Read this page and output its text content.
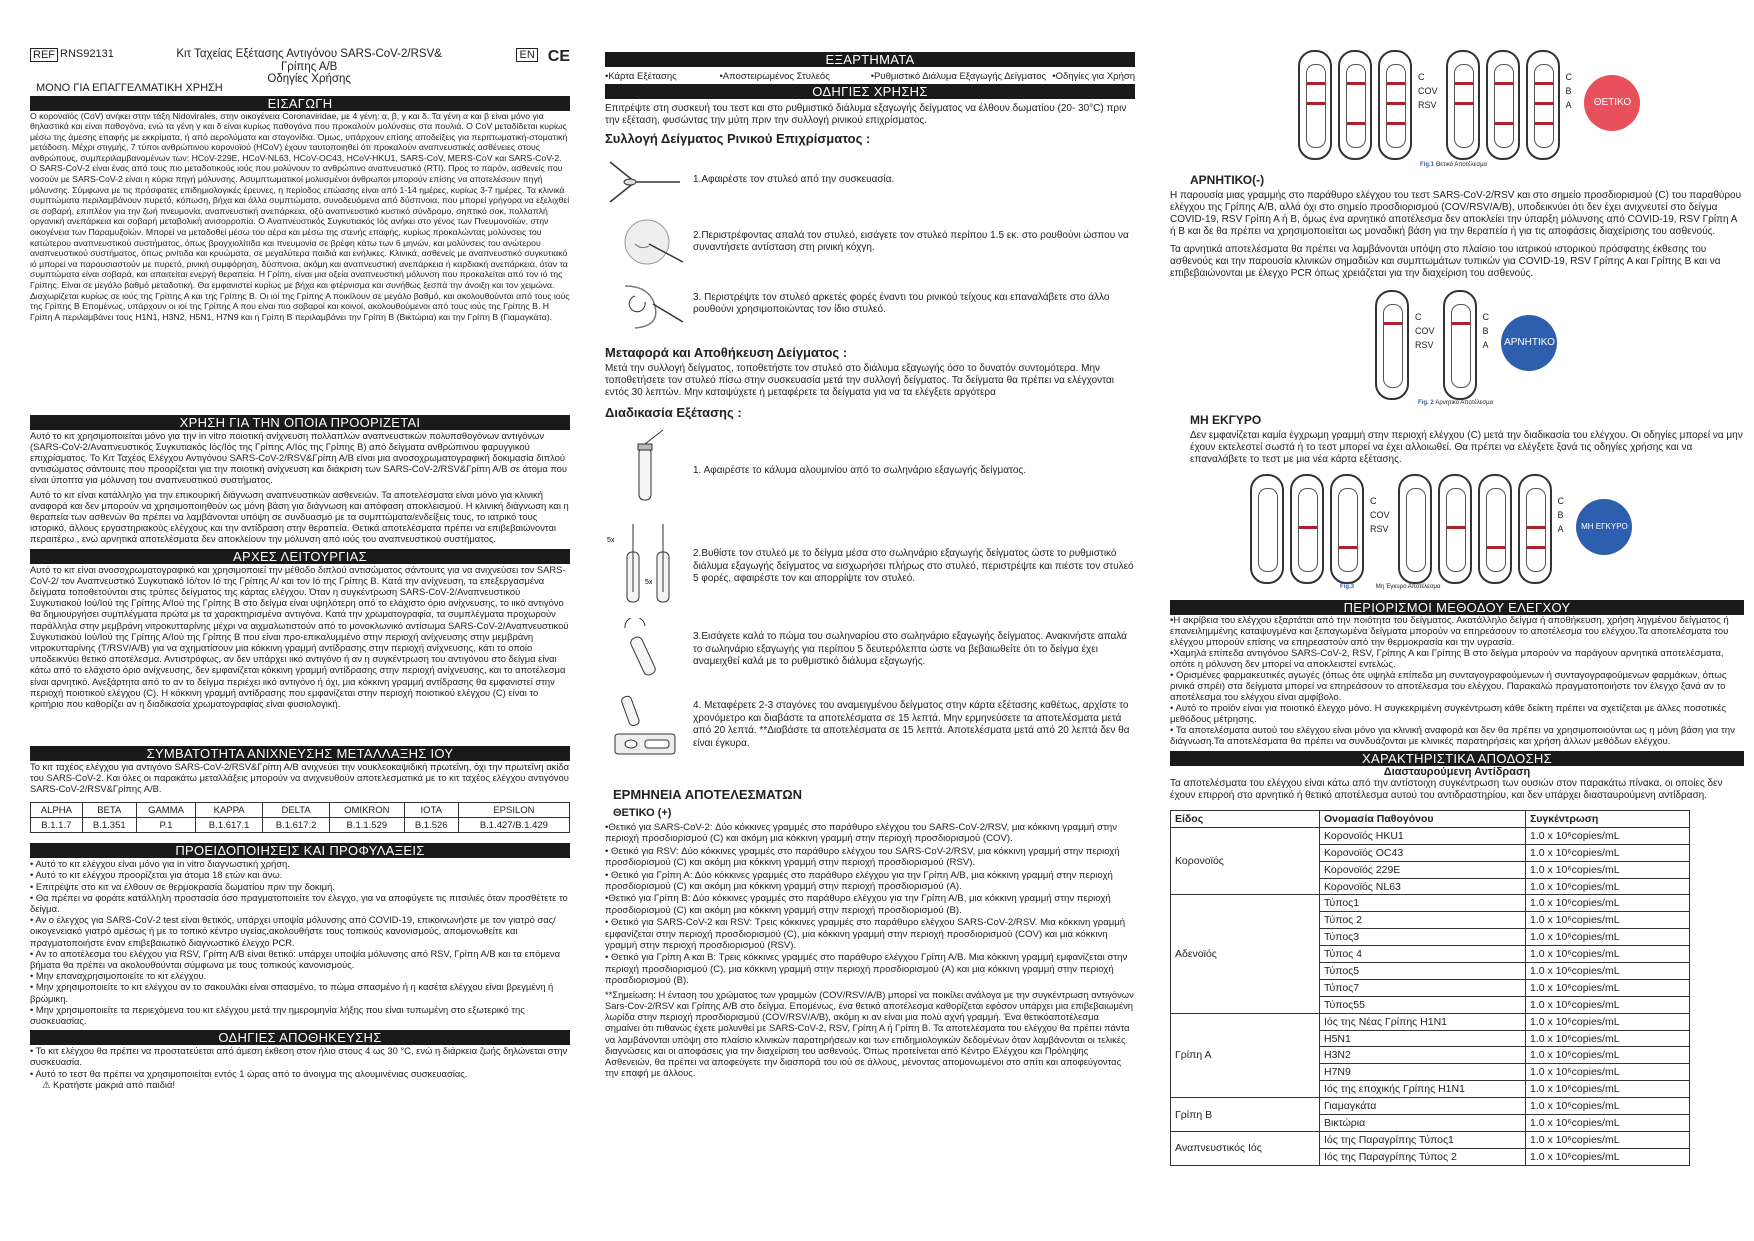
REF RNS92131	Κιτ Ταχείας Εξέτασης Αντιγόνου SARS-CoV-2/RSV&
Γρίπης Α/Β
Οδηγίες Χρήσης
EN CE
ΜΟΝΟ ΓΙΑ ΕΠΑΓΓΕΛΜΑΤΙΚΗ ΧΡΗΣΗ
ΕΙΣΑΓΩΓΗ

Ο κοροναϊός (CoV) ανήκει στην τάξη Nidovirales, στην οικογένεια Coronaviridae, με 4 γένη: α, β, γ και δ. Τα γένη α και β είναι μόνο για θηλαστικά και είναι παθογόνα, ενώ τα γένη γ και δ είναι κυρίως παθογόνα που προκαλούν μολύνσεις στα πουλιά. Ο CoV μεταδίδεται κυρίως μέσω της άμεσης επαφής με εκκρίματα, ή από αερολύματα και σταγονίδια. Όμως, υπάρχουν επίσης αποδείξεις για περιττωματική-στοματική μετάδοση. Μέχρι στιγμής, 7 τύποι ανθρώπινου κορονοϊού (HCoV) έχουν ταυτοποιηθεί ότι προκαλούν αναπνευστικές ασθένειες στους ανθρώπους, συμπεριλαμβανομένων των: HCoV-229E, HCoV-NL63, HCoV-OC43, HCoV-HKU1, SARS-CoV, MERS-CoV και SARS-CoV-2. Ο SARS-CoV-2 είναι ένας από τους πιο μεταδοτικούς ιούς που μολύνουν το ανθρώπινο αναπνευστικό (RTI). Προς το παρόν, ασθενείς που νοσούν με SARS-CoV-2 είναι η κύρια πηγή μόλυνσης. Ασυμπτωματικοί μολυσμένοι άνθρωποι μπορούν επίσης να αποτελέσουν πηγή μόλυνσης. Σύμφωνα με τις πρόσφατες επιδημιολογικές έρευνες, η περίοδος επώασης είναι από 1-14 ημέρες, κυρίως 3-7 ημέρες. Τα κλινικά συμπτώματα περιλαμβάνουν πυρετό, κόπωση, βήχα και άλλα συμπτώματα, συνοδευόμενα από δύσπνοια, που μπορεί γρήγορα να εξελιχθεί σε σοβαρή, επιπλέον για την ζωή πνευμονία, αναπνευστική ανεπάρκεια, οξύ αναπνευστικό κυστικό σύνδρομο, σηπτικό σοκ, πολλαπλή οργανική ανεπάρκεια και σοβαρή μεταβολική ανισορροπία. Ο Αναπνευστικός Συγκυτιακός Ιός ανήκει στο γένος των Πνευμονοϊών, στην οικογένεια των Παραμυξοϊών. Μπορεί να μεταδοθεί μέσω του αέρα και μέσω της στενής επαφής, κυρίως προκαλώντας μολύνσεις του κατώτερου αναπνευστικού συστήματος, όπως βρογχιολίτιδα και πνευμονία σε βρέφη κάτω των 6 μηνών, και μολύνσεις του ανώτερου αναπνευστικού συστήματος, όπως ρινίτιδα και κρυώματα, σε μεγαλύτερα παιδιά και ενήλικες. Κλινικά, ασθενείς με αναπνευστικό συγκυτιακό ιό μπορεί να παρουσιαστούν με πυρετό, ρινική συμφόρηση, δύσπνοια, ακόμη και αναπνευστική ανεπάρκεια ή καρδιακή ανεπάρκεια, όταν τα συμπτώματα είναι σοβαρά, και απαιτείται ενεργή θεραπεία. Η Γρίπη, είναι μια οξεία αναπνευστική μόλυνση που προκαλείται από τον ιό της Γρίπης. Είναι σε μεγάλο βαθμό μεταδοτική. Θα εμφανιστεί κυρίως με βήχα και φτέρνισμα και συνήθως ξεσπά την άνοιξη και τον χειμώνα. Διαχωρίζεται κυρίως σε ιούς της Γρίπης Α και της Γρίπης Β. Οι ιοί της Γρίπης Α ποικίλουν σε μεγάλο βαθμό, και ακολουθούνται από τους ιούς της Γρίπης Β Επομένως, υπάρχουν οι ιοί της Γρίπης Α που είναι πιο σοβαροί και κοινοί, ακολουθούμενοι από τους ιούς της Γρίπης Β. Η Γρίπη Α περιλαμβάνει τους H1N1, H3N2, H5N1, H7N9 και η Γρίπη Β περιλαμβάνει την Γρίπη Β (Βικτώρια) και την Γρίπη Β (Γιαμαγκάτα).

ΧΡΗΣΗ ΓΙΑ ΤΗΝ ΟΠΟΙΑ ΠΡΟΟΡΙΖΕΤΑΙ

Αυτό το κιτ χρησιμοποιείται μόνο για την in vitro ποιοτική ανίχνευση πολλαπλών αναπνευστικών πολυπαθογόνων αντιγόνων (SARS-CoV-2/Αναπνευστικός Συγκυτιακός Ιός/Ιός της Γρίπης Α/Ιός της Γρίπης Β) από δείγματα ανθρώπινου φαρυγγικού επιχρίσματος. Το Κιτ Ταχέος Ελέγχου Αντιγόνου SARS-CoV-2/RSV&Γρίπη Α/Β είναι μια ανοσοχρωματογραφική δοκιμασία διπλού αντισώματος σάντουιτς που προορίζεται για την ποιοτική ανίχνευση και διάκριση των SARS-CoV-2/RSV&Γρίπη Α/Β σε άτομα που είναι ύποπτα για μόλυνση του αναπνευστικού συστήματος.

Αυτό το κιτ είναι κατάλληλο για την επικουρική διάγνωση αναπνευστικών ασθενειών. Τα αποτελέσματα είναι μόνο για κλινική αναφορά και δεν μπορούν να χρησιμοποιηθούν ως μόνη βάση για διάγνωση και απόφαση αποκλεισμού. Η κλινική διάγνωση και η θεραπεία των ασθενών θα πρέπει να λαμβάνονται υπόψη σε συνδυασμό με τα συμπτώματα/ενδείξεις τους, το ιατρικό τους ιστορικό, άλλους εργαστηριακούς ελέγχους και την αντίδραση στην θεραπεία. Θετικά αποτελέσματα πρέπει να επιβεβαιώνονται περαιτέρω , ενώ αρνητικά αποτελέσματα δεν αποκλείουν την μόλυνση από ιούς του αναπνευστικού συστήματος.

ΑΡΧΕΣ ΛΕΙΤΟΥΡΓΙΑΣ

Αυτό το κιτ είναι ανοσοχρωματογραφικό και χρησιμοποιεί την μέθοδο διπλού αντισώματος σάντουιτς για να ανιχνεύσει τον SARS-CoV-2/ τον Αναπνευστικό Συγκυτιακό Ιό/τον Ιό της Γρίπης Α/ και τον Ιό της Γρίπης Β. Κατά την ανίχνευση, τα επεξεργασμένα δείγματα τοποθετούνται στις τρύπες δείγματος της κάρτας ελέγχου. Όταν η συγκέντρωση SARS-CoV-2/Αναπνευστικού Συγκυτιακού Ιού/Ιού της Γρίπης Α/Ιού της Γρίπης Β στο δείγμα είναι υψηλότερη από το ελάχιστο όριο ανίχνευσης, το ιικό αντιγόνο θα δημιουργήσει συμπλέγματα πρώτα με τα χαρακτηρισμένα αντιγόνα. Κατά την χρωματογραφία, τα συμπλέγματα προχωρούν παράλληλα στην μεμβράνη νιτροκυτταρίνης μέχρι να αιχμαλωτιστούν από το μονοκλωνικό αντίσωμα SARS-CoV-2/Αναπνευστικού Συγκυτιακού Ιού/Ιού της Γρίπης Α/Ιού της Γρίπης Β που είναι προ-επικαλυμμένο στην περιοχή ανίχνευσης στην μεμβράνη νιτροκυτταρίνης (T/RSV/A/B) για να σχηματίσουν μια κόκκινη γραμμή αντίδρασης στην περιοχή ανίχνευσης, κάτι το οποίο υποδεικνύει θετικό αποτέλεσμα. Αντιστρόφως, αν δεν υπάρχει ιικό αντιγόνο ή αν η συγκέντρωση του αντιγόνου στο δείγμα είναι κάτω από το ελάχιστο όριο ανίχνευσης, δεν εμφανίζεται κόκκινη γραμμή αντίδρασης στην περιοχή ανίχνευσης, και το αποτέλεσμα είναι αρνητικό. Ανεξάρτητα από το αν το δείγμα περιέχει ιικό αντιγόνο ή όχι, μια κόκκινη γραμμή αντίδρασης θα εμφανιστεί στην περιοχή ποιοτικού ελέγχου (C). Η κόκκινη γραμμή αντίδρασης που εμφανίζεται στην περιοχή ποιοτικού ελέγχου (C) είναι το κριτήριο που καθορίζει αν η διαδικασία χρωματογραφίας είναι φυσιολογική.

ΣΥΜΒΑΤΟΤΗΤΑ ΑΝΙΧΝΕΥΣΗΣ ΜΕΤΑΛΛΑΞΗΣ ΙΟΥ

Το κιτ ταχέος ελέγχου για αντιγόνο SARS-CoV-2/RSV&Γρίπη Α/Β ανιχνεύει την νουκλεοκαψιδική πρωτεΐνη, όχι την πρωτεΐνη ακίδα του SARS-CoV-2. Και όλες οι παρακάτω μεταλλάξεις μπορούν να ανιχνευθούν αποτελεσματικά με το κιτ ταχέος ελέγχου αντιγόνου SARS-CoV-2/RSV&Γρίπης Α/Β.

ALPHA	BETA	GAMMA	KAPPA	DELTA	OMIKRON	IOTA	EPSILON
B.1.1.7	B.1.351	P.1	B.1.617.1	B.1.617.2	B.1.1.529	B.1.526	B.1.427/B.1.429
ΠΡΟΕΙΔΟΠΟΙΗΣΕΙΣ ΚΑΙ ΠΡΟΦΥΛΑΞΕΙΣ

• Αυτό το κιτ ελέγχου είναι μόνο για in vitro διαγνωστική χρήση.

• Αυτό το κιτ ελέγχου προορίζεται για άτομα 18 ετών και άνω.

• Επιτρέψτε στο κιτ να έλθουν σε θερμοκρασία δωματίου πριν την δοκιμή.

• Θα πρέπει να φοράτε κατάλληλη προστασία όσο πραγματοποιείτε τον έλεγχο, για να αποφύγετε τις πιτσιλιές όταν προσθέτετε το δείγμα.

• Αν ο έλεγχος για SARS-CoV-2 test είναι θετικός, υπάρχει υποψία μόλυνσης από COVID-19, επικοινωνήστε με τον γιατρό σας/οικογενειακό γιατρό αμέσως ή με το τοπικό κέντρο υγείας,ακολουθήστε τους τοπικούς κανονισμούς, απομονωθείτε και πραγματοποιήστε έναν επιβεβαιωτικό διαγνωστικό έλεγχο PCR.

• Αν το αποτέλεσμα του ελέγχου για RSV, Γρίπη Α/Β είναι θετικό: υπάρχει υποψία μόλυνσης από RSV, Γρίπη Α/Β και τα επόμενα βήματα θα πρέπει να ακολουθούνται σύμφωνα με τους τοπικούς κανονισμούς.

• Μην επαναχρησιμοποιείτε το κιτ ελέγχου.

• Μην χρησιμοποιείτε το κιτ ελέγχου αν το σακουλάκι είναι σπασμένο, το πώμα σπασμένο ή η κασέτα ελέγχου είναι βρεγμένη ή βρώμικη.

• Μην χρησιμοποιείτε τα περιεχόμενα του κιτ ελέγχου μετά την ημερομηνία λήξης που είναι τυπωμένη στο εξωτερικό της συσκευασίας.

ΟΔΗΓΙΕΣ ΑΠΟΘΗΚΕΥΣΗΣ

• Το κιτ ελέγχου θα πρέπει να προστατεύεται από άμεση έκθεση στον ήλιο στους 4 ως 30 °C, ενώ η διάρκεια ζωής δηλώνεται στην συσκευασία.

• Αυτό το τεστ θα πρέπει να χρησιμοποιείται εντός 1 ώρας από το άνοιγμα της αλουμινένιας συσκευασίας.

⚠ Κρατήστε μακριά από παιδιά!

ΕΞΑΡΤΗΜΑΤΑ
•Κάρτα Εξέτασης	•Αποστειρωμένος Στυλεός	•Ρυθμιστικό Διάλυμα Εξαγωγής Δείγματος •Οδηγίες για Χρήση
ΟΔΗΓΙΕΣ ΧΡΗΣΗΣ

Επιτρέψτε στη συσκευή του τεστ και στο ρυθμιστικό διάλυμα εξαγωγής δείγματος να έλθουν δωματίου (20- 30°C) πριν την εξέταση, φυσώντας την μύτη πριν την συλλογή ρινικού επιχρίσματος.

Συλλογή Δείγματος Ρινικού Επιχρίσματος :
1.Αφαιρέστε τον στυλεό από την συσκευασία.
2.Περιστρέφοντας απαλά τον στυλεό, εισάγετε τον στυλεό περίπου 1.5 εκ. στο ρουθούνι ώσπου να συναντήσετε αντίσταση στη ρινική κόχγη.
3. Περιστρέψτε τον στυλεό αρκετές φορές έναντι του ρινικού τείχους και επαναλάβετε στο άλλο ρουθούνι χρησιμοποιώντας τον ίδιο στυλεό.
Μεταφορά και Αποθήκευση Δείγματος :

Μετά την συλλογή δείγματος, τοποθετήστε τον στυλεό στο διάλυμα εξαγωγής όσο το δυνατόν συντομότερα. Μην τοποθετήσετε τον στυλεό πίσω στην συσκευασία μετά την συλλογή δείγματος. Τα δείγματα θα πρέπει να ελέγχονται εντός 30 λεπτών. Μην καταψύχετε ή μεταφέρετε τα δείγματα για να τα ελέγξετε αργότερα

Διαδικασία Εξέτασης :
1. Αφαιρέστε το κάλυμα αλουμινίου από το σωληνάριο εξαγωγής δείγματος.
5x
5x
2.Βυθίστε τον στυλεό με το δείγμα μέσα στο σωληνάριο εξαγωγής δείγματος ώστε το ρυθμιστικό διάλυμα εξαγωγής δείγματος να εισχωρήσει πλήρως στο στυλεό, περιστρέψτε και πιέστε τον στυλεό 5 φορές, αφαιρέστε τον και απορρίψτε τον στυλεό.
3.Εισάγετε καλά το πώμα του σωληναρίου στο σωληνάριο εξαγωγής δείγματος. Ανακινήστε απαλά το σωληνάριο εξαγωγής για περίπου 5 δευτερόλεπτα ώστε να βεβαιωθείτε ότι το δείγμα έχει αναμειχθεί καλά με το ρυθμιστικό διάλυμα εξαγωγής.
4. Μεταφέρετε 2-3 σταγόνες του αναμειγμένου δείγματος στην κάρτα εξέτασης καθέτως, αρχίστε το χρονόμετρο και διαβάστε τα αποτελέσματα σε 15 λεπτά. Μην ερμηνεύσετε τα αποτελέσματα μετά από 20 λεπτά. **Διαβάστε τα αποτελέσματα σε 15 λεπτά. Αποτελέσματα μετά από 20 λεπτά δεν θα είναι έγκυρα.
ΕΡΜΗΝΕΙΑ ΑΠΟΤΕΛΕΣΜΑΤΩΝ
ΘΕΤΙΚΟ (+)

•Θετικό για SARS-CoV-2: Δύο κόκκινες γραμμές στο παράθυρο ελέγχου του SARS-CoV-2/RSV, μια κόκκινη γραμμή στην περιοχή προσδιορισμού (C) και ακόμη μια κόκκινη γραμμή στην περιοχή προσδιορισμού (COV).

• Θετικό για RSV: Δύο κόκκινες γραμμές στο παράθυρο ελέγχου του SARS-CoV-2/RSV, μια κόκκινη γραμμή στην περιοχή προσδιορισμού (C) και ακόμη μια κόκκινη γραμμή στην περιοχή προσδιορισμού (RSV).

• Θετικό για Γρίπη Α: Δύο κόκκινες γραμμές στο παράθυρο ελέγχου για την Γρίπη Α/Β, μια κόκκινη γραμμή στην περιοχή προσδιορισμού (C) και ακόμη μια κόκκινη γραμμή στην περιοχή προσδιορισμού (Α).

•Θετικό για Γρίπη Β: Δύο κόκκινες γραμμές στο παράθυρο ελέγχου για την Γρίπη Α/Β, μια κόκκινη γραμμή στην περιοχή προσδιορισμού (C) και ακόμη μια κόκκινη γραμμή στην περιοχή προσδιορισμού (Β).

• Θετικό για SARS-CoV-2 και RSV: Τρεις κόκκινες γραμμές στο παράθυρο ελέγχου SARS-CoV-2/RSV. Μια κόκκινη γραμμή εμφανίζεται στην περιοχή προσδιορισμού (C), μια κόκκινη γραμμή στην περιοχή προσδιορισμού (COV) και μια κόκκινη γραμμή στην περιοχή προσδιορισμού (RSV).

• Θετικό για Γρίπη Α και Β: Τρεις κόκκινες γραμμές στο παράθυρο ελέγχου Γρίπη Α/Β. Μια κόκκινη γραμμή εμφανίζεται στην περιοχή προσδιορισμού (C), μια κόκκινη γραμμή στην περιοχή προσδιορισμού (Α) και μια κόκκινη γραμμή στην περιοχή προσδιορισμού (Β).

**Σημείωση: Η ένταση του χρώματος των γραμμών (COV/RSV/A/B) μπορεί να ποικίλει ανάλογα με την συγκέντρωση αντιγόνων Sars-Cov-2/RSV και Γρίπης Α/Β στο δείγμα. Επομένως, ένα θετικό αποτέλεσμα καθορίζεται εφόσον υπάρχει μια επιβεβαιωμένη λωρίδα στην περιοχή προσδιορισμού (COV/RSV/A/B), ακόμη κι αν είναι μια πολύ αχνή γραμμή. Ένα θετικόαποτέλεσμα σημαίνει ότι πιθανώς έχετε μολυνθεί με SARS-CoV-2, RSV, Γρίπη Α ή Γρίπη Β. Τα αποτελέσματα του ελέγχου θα πρέπει πάντα να λαμβάνονται υπόψη στο πλαίσιο κλινικών παρατηρήσεων και των επιδημιολογικών δεδομένων όταν λαμβάνονται οι τελικές διαγνώσεις και οι αποφάσεις για την διαχείριση του ασθενούς. Όπως προτείνεται από Κέντρο Ελέγχου και Πρόληψης Ασθενειών, θα πρέπει να αποφεύγετε την διασπορά του ιού σε άλλους, μένοντας απομονωμένοι στο σπίτι και αποφεύγοντας την επαφή με άλλους.

C
COV
RSV
C
B
A ΘΕΤΙΚΟ
Fig.1 Θετικό Αποτέλεσμα
ΑΡΝΗΤΙΚΟ(-)

Η παρουσία μιας γραμμής στο παράθυρο ελέγχου του τεστ SARS-CoV-2/RSV και στο σημείο προσδιορισμού (C) του παραθύρου ελέγχου της Γρίπης Α/Β, αλλά όχι στο σημείο προσδιορισμού (COV/RSV/A/B), υποδεικνύει ότι δεν έχει ανιχνευτεί στο δείγμα COVID-19, RSV Γρίπη Α ή Β, όμως ένα αρνητικό αποτέλεσμα δεν αποκλείει την ύπαρξη μόλυνσης από COVID-19, RSV Γρίπη Α ή Β και δε θα πρέπει να χρησιμοποιείται ως μοναδική βάση για την θεραπεία ή για τις αποφάσεις διαχείρισης του ασθενούς.

Τα αρνητικά αποτελέσματα θα πρέπει να λαμβάνονται υπόψη στο πλαίσιο του ιατρικού ιστορικού πρόσφατης έκθεσης του ασθενούς και την παρουσία κλινικών σημαδιών και συμπτωμάτων τυπικών για COVID-19, RSV Γρίπης Α και Γρίπης Β και να επιβεβαιώνονται με έλεγχο PCR όπως χρειάζεται για την διαχείριση του ασθενούς.

C
COV
RSV
C
B
A ΑΡΝΗΤΙΚΟ
Fig. 2 Αρνητικό Αποτέλεσμα
ΜΗ ΕΚΓΥΡΟ

Δεν εμφανίζεται καμία έγχρωμη γραμμή στην περιοχή ελέγχου (C) μετά την διαδικασία του ελέγχου. Οι οδηγίες μπορεί να μην έχουν εκτελεστεί σωστά ή το τεστ μπορεί να έχει αλλοιωθεί. Θα πρέπει να ελέγξετε ξανά τις οδηγίες χρήσης και να επαναλάβετε το τεστ με μια νέα κάρτα εξέτασης.

C
COV
RSV
C
B
A ΜΗ ΕΓΚΥΡΟ
Fig.3	Μη Έγκυρο Αποτέλεσμα
ΠΕΡΙΟΡΙΣΜΟΙ ΜΕΘΟΔΟΥ ΕΛΕΓΧΟΥ

•Η ακρίβεια του ελέγχου εξαρτάται από την ποιότητα του δείγματος. Ακατάλληλο δείγμα ή αποθήκευση, χρήση ληγμένου δείγματος ή επανειλημμένης καταψυγμένα και ξεπαγωμένα δείγματα μπορούν να επηρεάσουν το αποτέλεσμα του ελέγχου.Τα αποτελέσματα του ελέγχου μπορούν επίσης να επηρεαστούν από την θερμοκρασία και την υγρασία.

•Χαμηλά επίπεδα αντιγόνου SARS-CoV-2, RSV, Γρίπης Α και Γρίπης Β στο δείγμα μπορούν να παράγουν αρνητικά αποτελέσματα, οπότε η μόλυνση δεν μπορεί να αποκλειστεί εντελώς.

• Ορισμένες φαρμακευτικές αγωγές (όπως ότε υψηλά επίπεδα μη συνταγογραφούμενων ή συνταγογραφούμενων φαρμάκων, όπως ρινικά σπρέι) στα δείγματα μπορεί να επηρεάσουν το αποτέλεσμα του ελέγχου. Παρακαλώ πραγματοποιήστε τον έλεγχο ξανά αν το αποτέλεσμα του ελέγχου είναι αμφίβολο.

• Αυτό το προϊόν είναι για ποιοτικό έλεγχο μόνο. Η συγκεκριμένη συγκέντρωση κάθε δείκτη πρέπει να σχετίζεται με άλλες ποσοτικές μεθόδους μέτρησης.

• Τα αποτελέσματα αυτού του ελέγχου είναι μόνο για κλινική αναφορά και δεν θα πρέπει να χρησιμοποιούνται ως η μόνη βάση για την διάγνωση.Τα αποτελέσματα θα πρέπει να συνδυάζονται με κλινικές παρατηρήσεις και χρήση άλλων μεθόδων ελέγχου.

ΧΑΡΑΚΤΗΡΙΣΤΙΚΑ ΑΠΟΔΟΣΗΣ
Διασταυρούμενη Αντίδραση

Τα αποτελέσματα του ελέγχου είναι κάτω από την αντίστοιχη συγκέντρωση των ουσιών στον παρακάτω πίνακα, οι οποίες δεν έχουν επιρροή στο αρνητικό ή θετικό αποτέλεσμα αυτού του αντιδραστηρίου, και δεν υπάρχει διασταυρούμενη αντίδραση.

Είδος	Ονομασία Παθογόνου	Συγκέντρωση
Κορονοϊός	Κορονοϊός HKU1	1.0 x 10⁶copies/mL
	Κορονοϊός OC43	1.0 x 10⁶copies/mL
	Κορονοϊός 229E	1.0 x 10⁶copies/mL
	Κορονοϊός NL63	1.0 x 10⁶copies/mL
Αδενοϊός	Τύπος1	1.0 x 10⁶copies/mL
	Τύπος 2	1.0 x 10⁶copies/mL
	Τύπος3	1.0 x 10⁶copies/mL
	Τύπος 4	1.0 x 10⁶copies/mL
	Τύπος5	1.0 x 10⁶copies/mL
	Τύπος7	1.0 x 10⁶copies/mL
	Τύπος55	1.0 x 10⁶copies/mL
Γρίπη Α	Ιός της Νέας Γρίπης H1N1	1.0 x 10⁶copies/mL
	H5N1	1.0 x 10⁶copies/mL
	H3N2	1.0 x 10⁶copies/mL
	H7N9	1.0 x 10⁶copies/mL
	Ιός της εποχικής Γρίπης H1N1	1.0 x 10⁶copies/mL
Γρίπη Β	Γιαμαγκάτα	1.0 x 10⁶copies/mL
	Βικτώρια	1.0 x 10⁶copies/mL
Αναπνευστικός Ιός	Ιός της Παραγρίπης Τύπος1	1.0 x 10⁶copies/mL
	Ιός της Παραγρίπης Τύπος 2	1.0 x 10⁶copies/mL
